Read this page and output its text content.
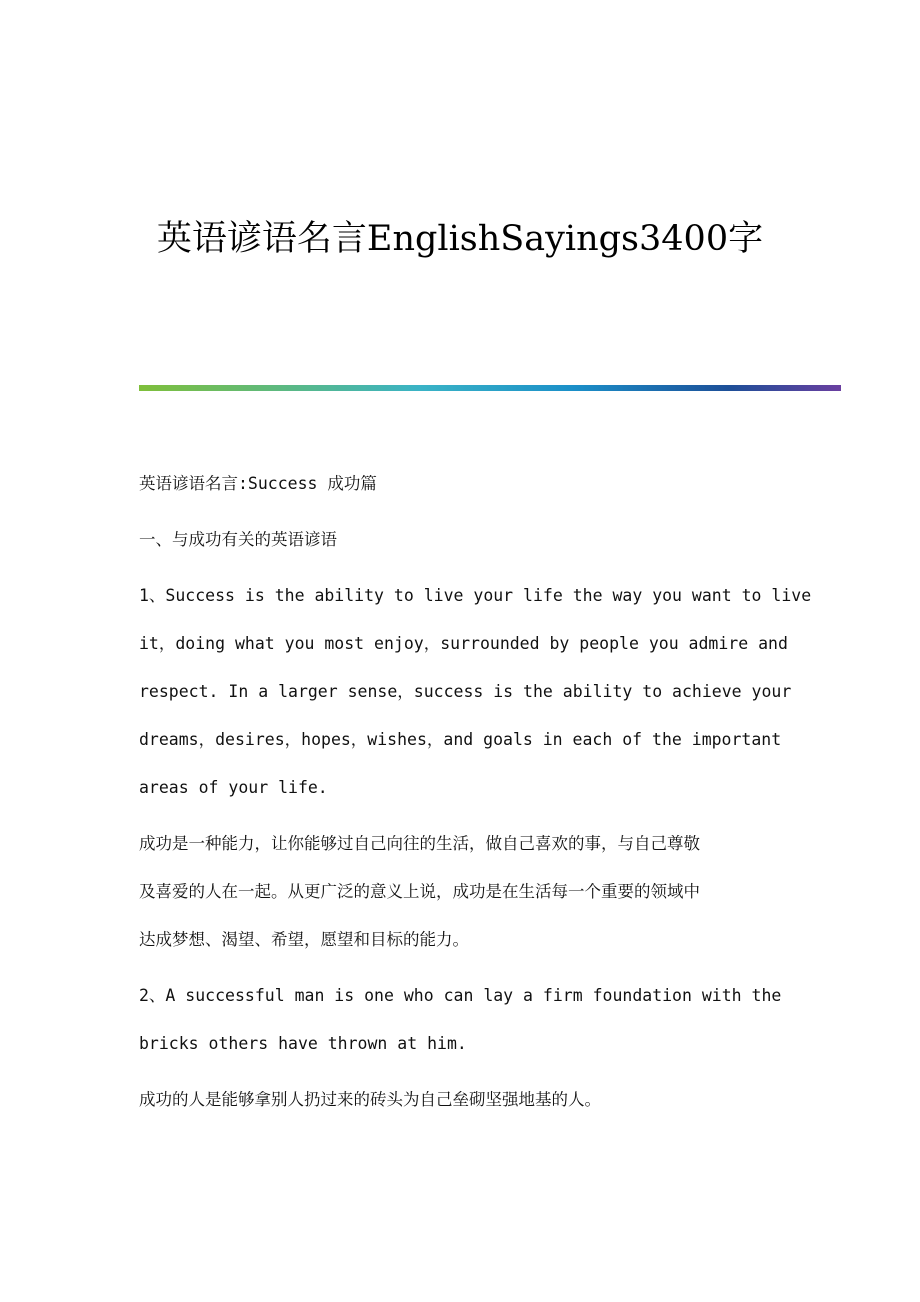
英语谚语名言EnglishSayings3400字

英语谚语名言:Success 成功篇

一、与成功有关的英语谚语

1、Success is the ability to live your life the way you want to live

it，doing what you most enjoy，surrounded by people you admire and

respect. In a larger sense，success is the ability to achieve your

dreams，desires，hopes，wishes，and goals in each of the important

areas of your life.

成功是一种能力，让你能够过自己向往的生活，做自己喜欢的事，与自己尊敬

及喜爱的人在一起。从更广泛的意义上说，成功是在生活每一个重要的领域中

达成梦想、渴望、希望，愿望和目标的能力。

2、A successful man is one who can lay a firm foundation with the

bricks others have thrown at him.

成功的人是能够拿别人扔过来的砖头为自己垒砌坚强地基的人。
